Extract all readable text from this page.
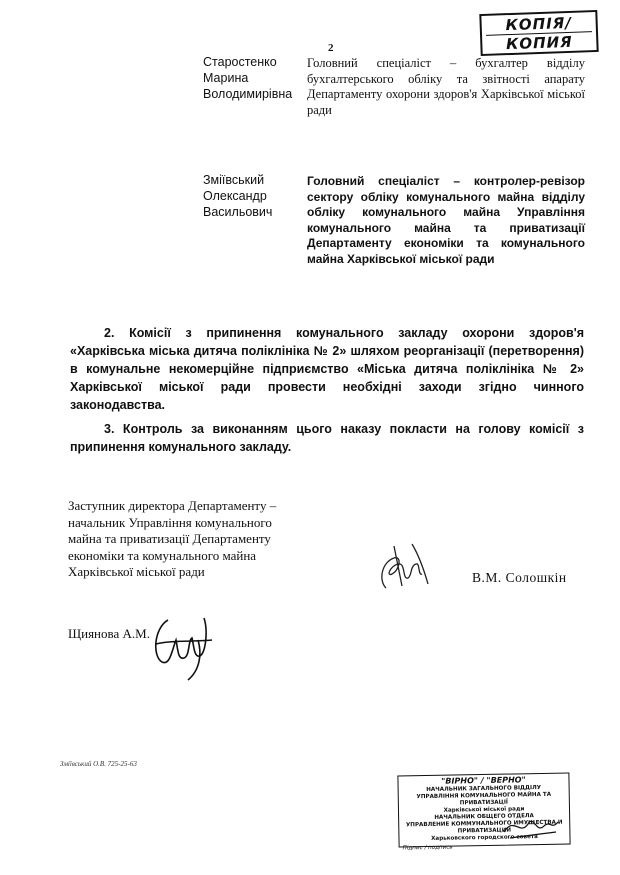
КОПІЯ/
КОПИЯ
2
Старостенко
Марина
Володимирівна
Головний спеціаліст – бухгалтер відділу бухгалтерського обліку та звітності апарату Департаменту охорони здоров'я Харківської міської ради
Зміївський
Олександр
Васильович
Головний спеціаліст – контролер-ревізор сектору обліку комунального майна відділу обліку комунального майна Управління комунального майна та приватизації Департаменту економіки та комунального майна Харківської міської ради
2. Комісії з припинення комунального закладу охорони здоров'я «Харківська міська дитяча поліклініка № 2» шляхом реорганізації (перетворення) в комунальне некомерційне підприємство «Міська дитяча поліклініка № 2» Харківської міської ради провести необхідні заходи згідно чинного законодавства.
3. Контроль за виконанням цього наказу покласти на голову комісії з припинення комунального закладу.
Заступник директора Департаменту –
начальник Управління комунального
майна та приватизації Департаменту
економіки та комунального майна
Харківської міської ради	В.М. Солошкін
Щиянова А.М.
Зміївський О.В. 725-25-63
"ВІРНО" / "ВЕРНО"
НАЧАЛЬНИК ЗАГАЛЬНОГО ВІДДІЛУ
УПРАВЛІННЯ КОМУНАЛЬНОГО МАЙНА ТА ПРИВАТИЗАЦІЇ
Харківської міської ради
НАЧАЛЬНИК ОБЩЕГО ОТДЕЛА
УПРАВЛЕНИЕ КОММУНАЛЬНОГО ИМУЩЕСТВА И ПРИВАТИЗАЦИИ
Харьковского городского совета
Підпис / подпись
